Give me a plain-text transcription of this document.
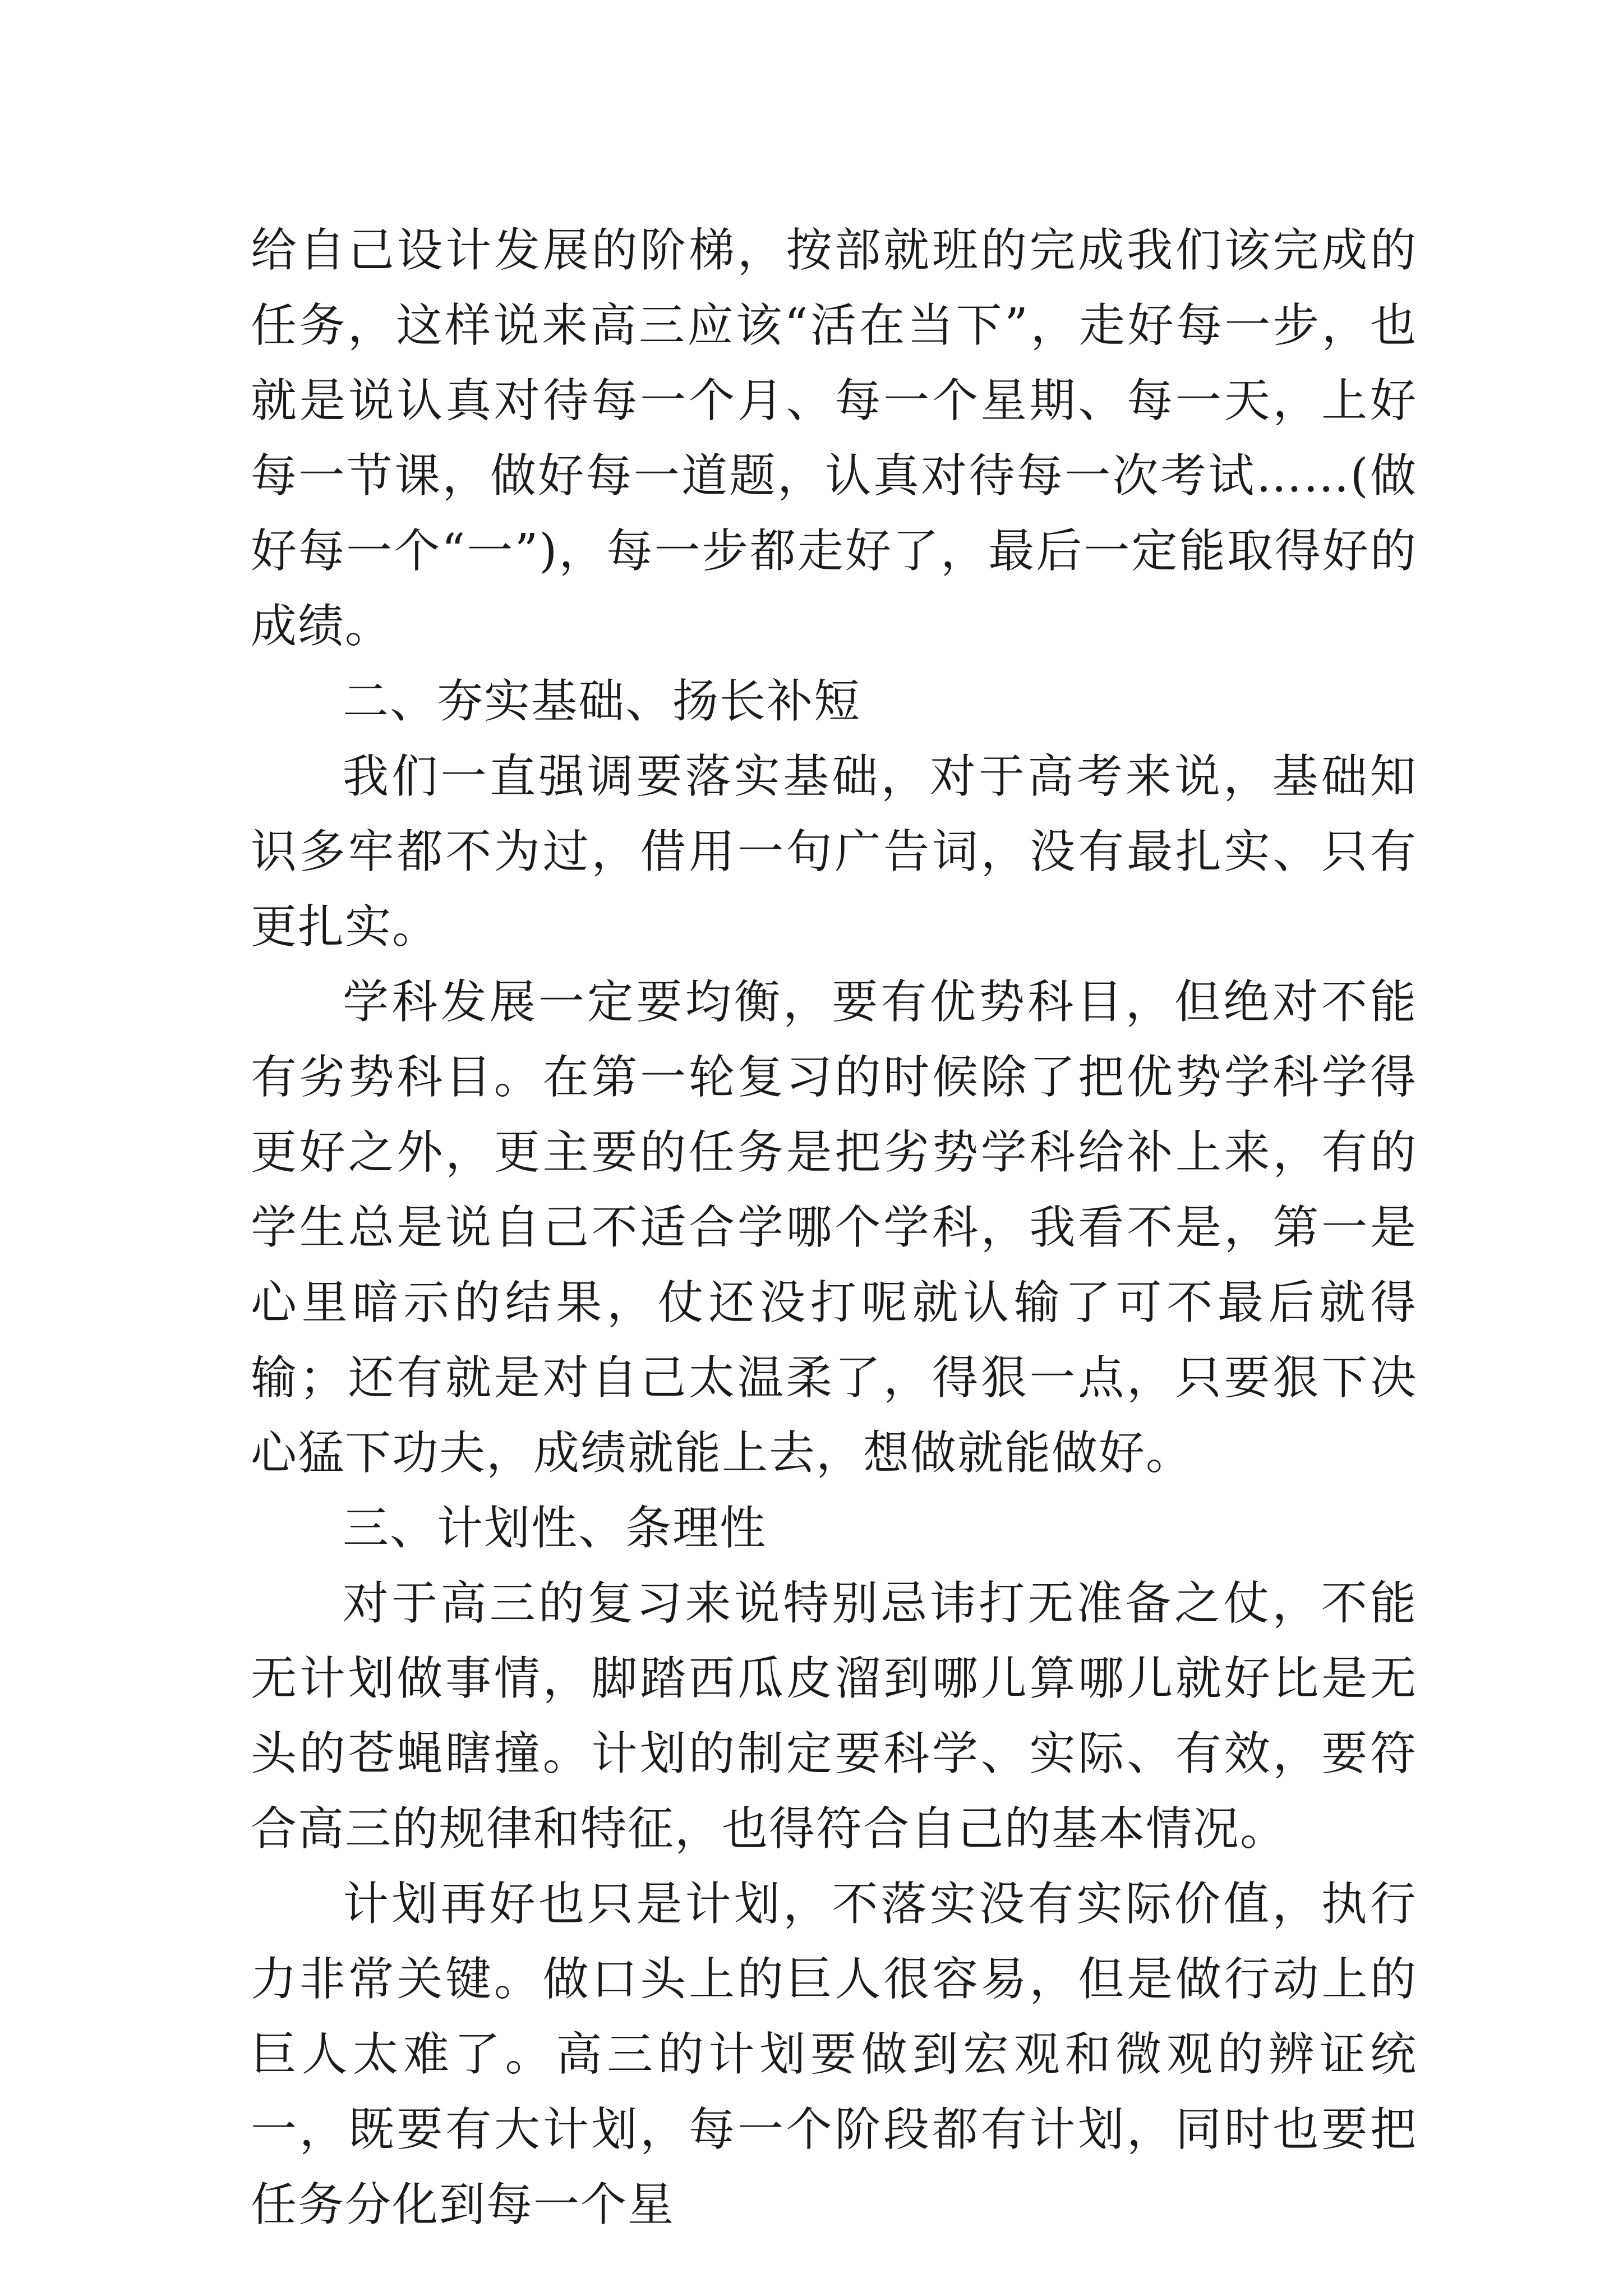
给自己设计发展的阶梯，按部就班的完成我们该完成的任务，这样说来高三应该“活在当下”，走好每一步，也就是说认真对待每一个月、每一个星期、每一天，上好每一节课，做好每一道题，认真对待每一次考试……(做好每一个“一”)，每一步都走好了，最后一定能取得好的成绩。

二、夯实基础、扬长补短

我们一直强调要落实基础，对于高考来说，基础知识多牢都不为过，借用一句广告词，没有最扎实、只有更扎实。

学科发展一定要均衡，要有优势科目，但绝对不能有劣势科目。在第一轮复习的时候除了把优势学科学得更好之外，更主要的任务是把劣势学科给补上来，有的学生总是说自己不适合学哪个学科，我看不是，第一是心里暗示的结果，仗还没打呢就认输了可不最后就得输；还有就是对自己太温柔了，得狠一点，只要狠下决心猛下功夫，成绩就能上去，想做就能做好。

三、计划性、条理性

对于高三的复习来说特别忌讳打无准备之仗，不能无计划做事情，脚踏西瓜皮溜到哪儿算哪儿就好比是无头的苍蝇瞎撞。计划的制定要科学、实际、有效，要符合高三的规律和特征，也得符合自己的基本情况。

计划再好也只是计划，不落实没有实际价值，执行力非常关键。做口头上的巨人很容易，但是做行动上的巨人太难了。高三的计划要做到宏观和微观的辨证统一，既要有大计划，每一个阶段都有计划，同时也要把任务分化到每一个星
